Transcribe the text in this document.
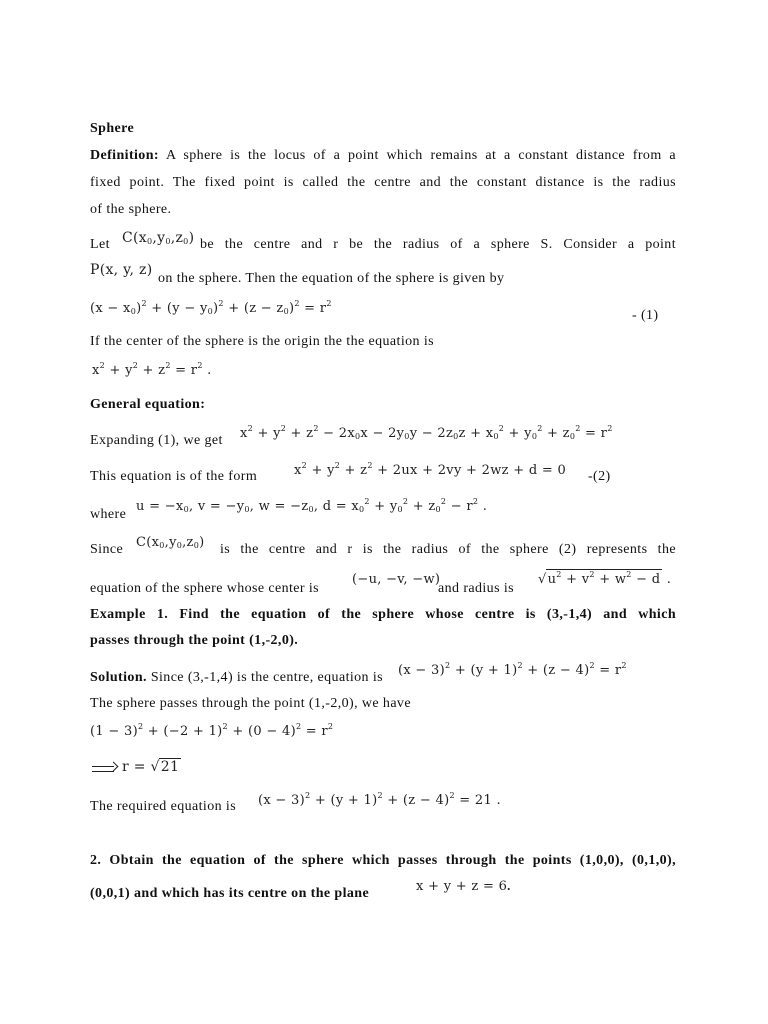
Sphere
Definition: A sphere is the locus of a point which remains at a constant distance from a
fixed point. The fixed point is called the centre and the constant distance is the radius
of the sphere.
Let $C(x_0,y_0,z_0)$ be the centre and r be the radius of a sphere S. Consider a point
P(x, y, z)
on the sphere. Then the equation of the sphere is given by
$(x - x_0)^2 + (y - y_0)^2 + (z - z_0)^2 = r^2$
- (1)
If the center of the sphere is the origin the the equation is
$x^2 + y^2 + z^2 = r^2$ .
General equation:
Expanding (1), we get $x^2 + y^2 + z^2 - 2x_0x - 2y_0y - 2z_0z + x_0^2 + y_0^2 + z_0^2 = r^2$
This equation is of the form	$x^2 + y^2 + z^2 + 2ux + 2vy + 2wz + d = 0$ -(2)
where
$u = -x_0$, $v = -y_0$, $w = -z_0$, $d = x_0^2 + y_0^2 + z_0^2 - r^2$ .
Since $C(x_0,y_0,z_0)$ is the centre and r is the radius of the sphere (2) represents the
equation of the sphere whose center is
(−u, −v, −w)
and radius is
$√u^2 + v^2 + w^2 - d$ .
Example 1. Find the equation of the sphere whose centre is (3,-1,4) and which
passes through the point (1,-2,0).
Solution. Since (3,-1,4) is the centre, equation is $(x - 3)^2 + (y + 1)^2 + (z - 4)^2 = r^2$
The sphere passes through the point (1,-2,0), we have
$(1 - 3)^2 + (-2 + 1)^2 + (0 - 4)^2 = r^2$
r = √21
The required equation is $(x - 3)^2 + (y + 1)^2 + (z - 4)^2 = 21$ .
2. Obtain the equation of the sphere which passes through the points (1,0,0), (0,1,0),
(0,0,1) and which has its centre on the plane	x + y + z = 6.
